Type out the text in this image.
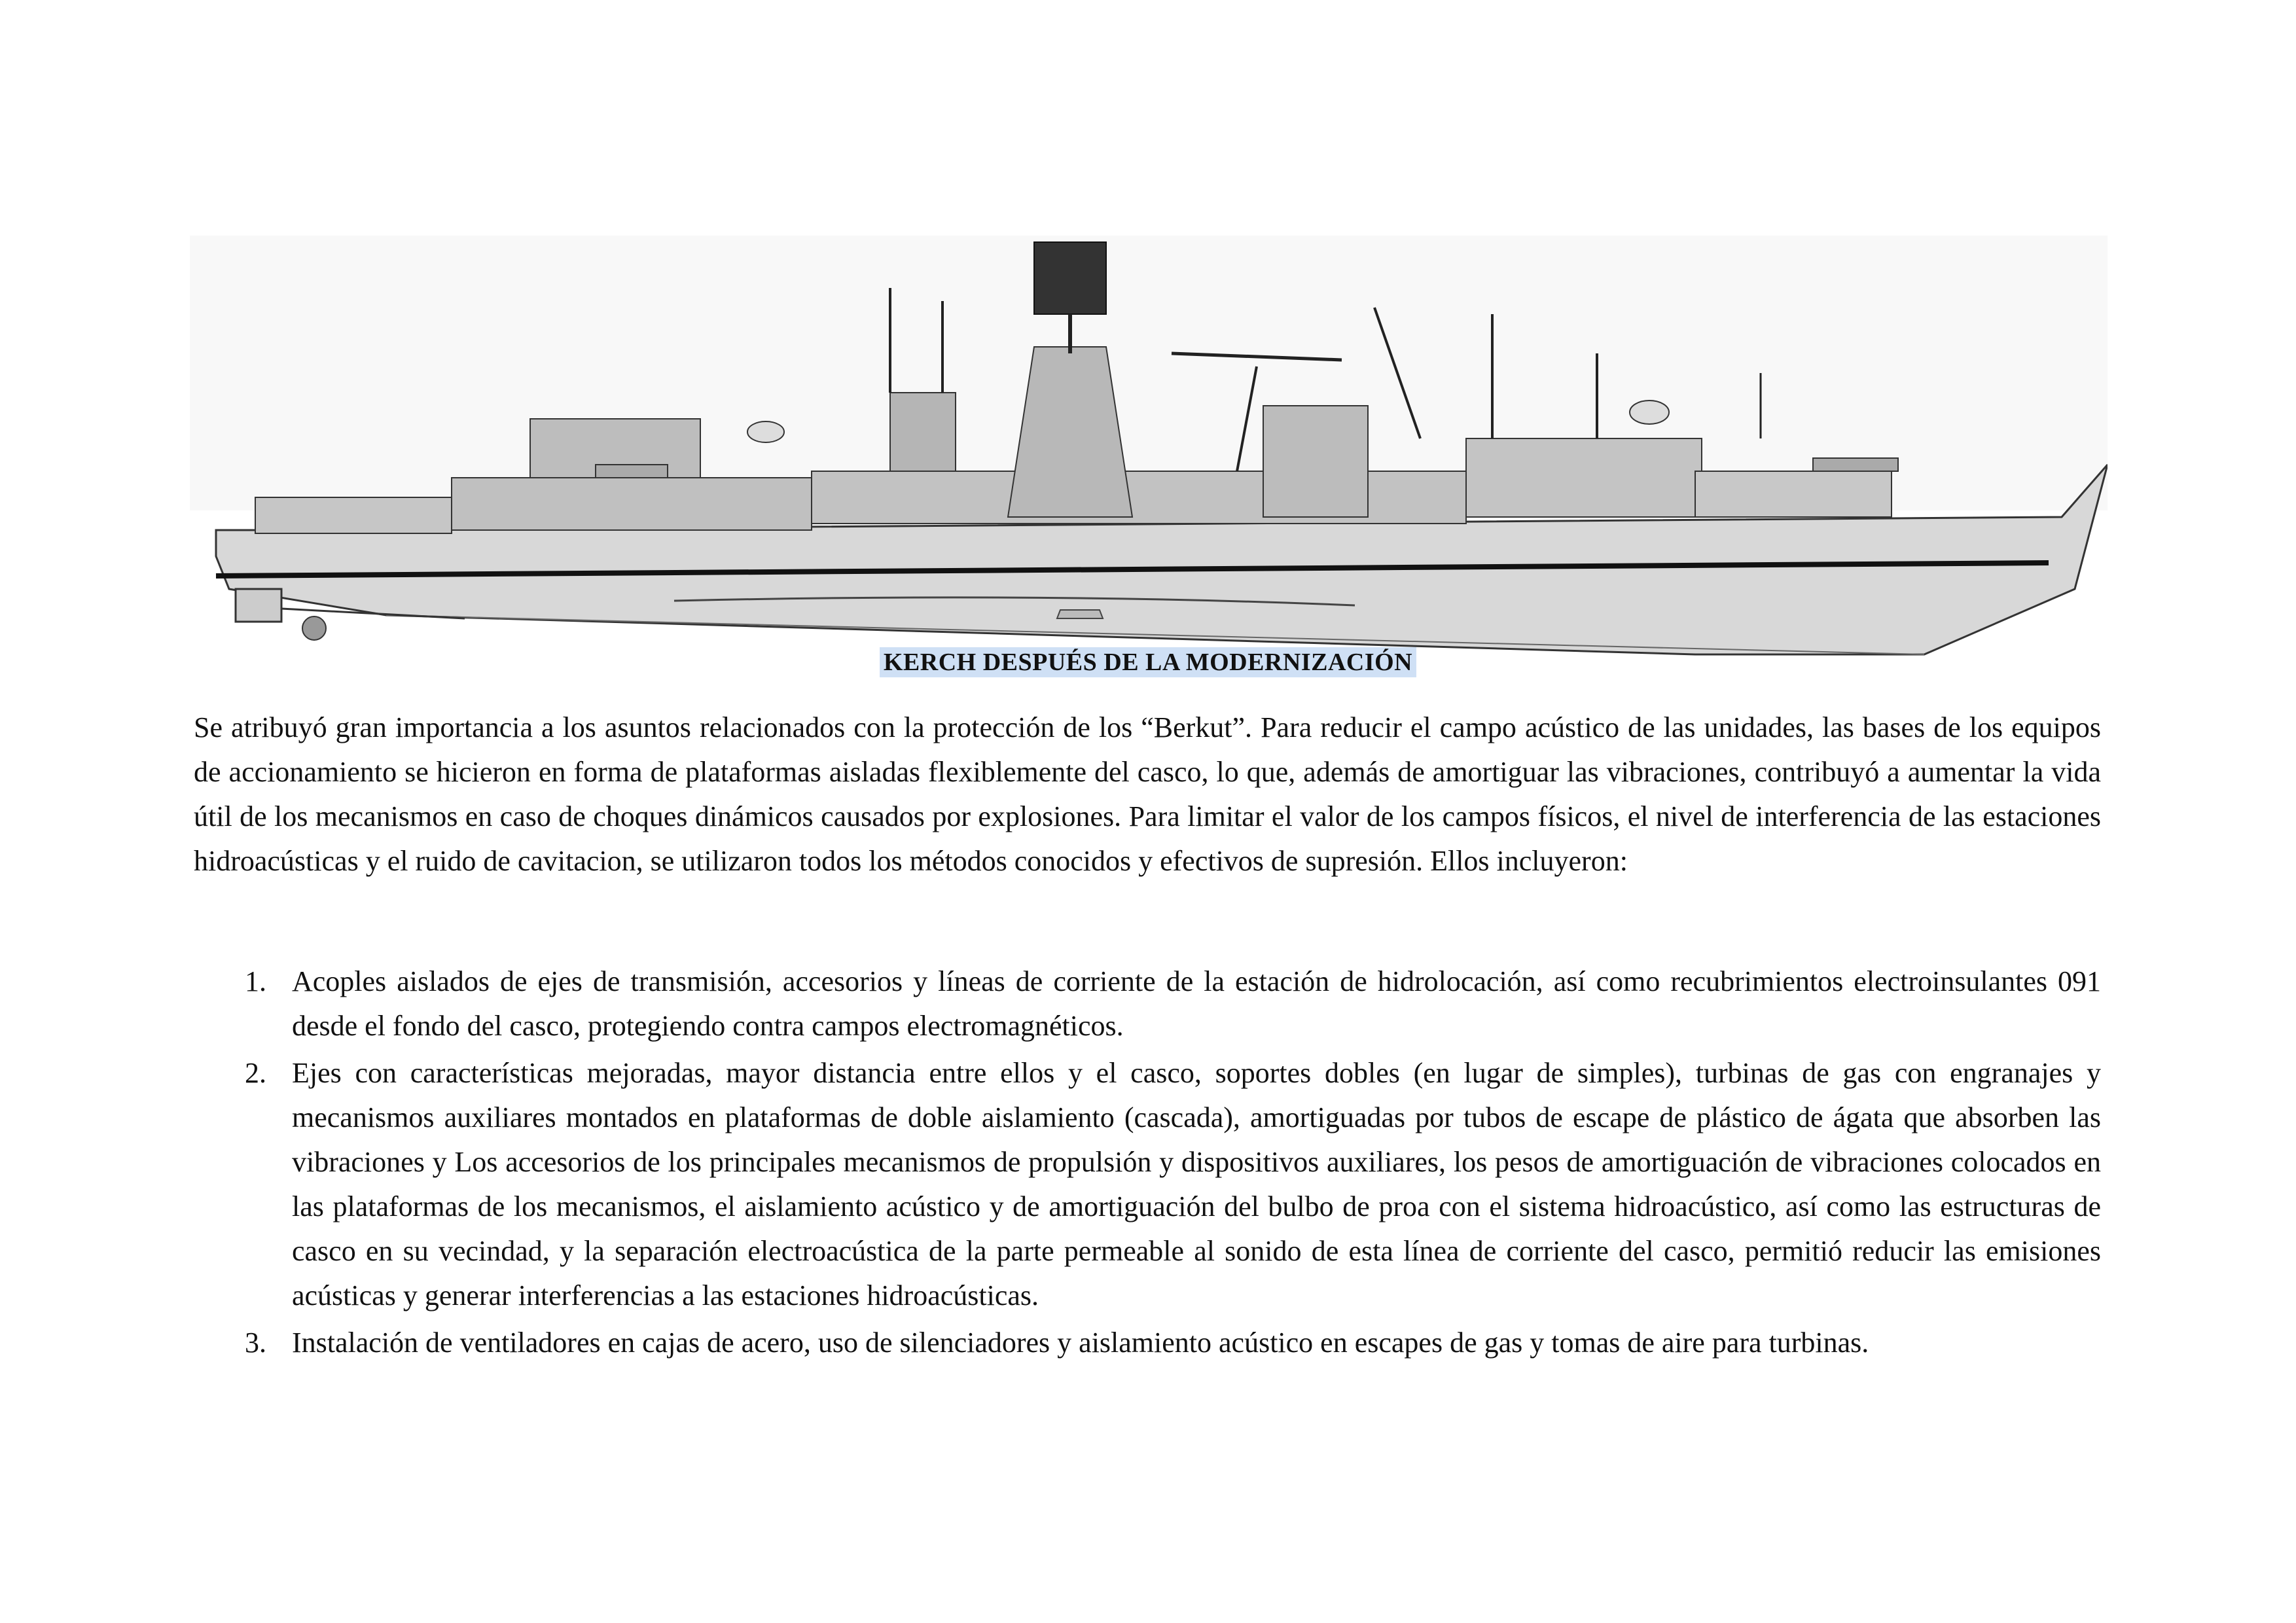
KERCH DESPUÉS DE LA MODERNIZACIÓN

Se atribuyó gran importancia a los asuntos relacionados con la protección de los “Berkut”. Para reducir el campo acústico de las unidades, las bases de los equipos de accionamiento se hicieron en forma de plataformas aisladas flexiblemente del casco, lo que, además de amortiguar las vibraciones, contribuyó a aumentar la vida útil de los mecanismos en caso de choques dinámicos causados por explosiones. Para limitar el valor de los campos físicos, el nivel de interferencia de las estaciones hidroacústicas y el ruido de cavitacion, se utilizaron todos los métodos conocidos y efectivos de supresión. Ellos incluyeron:

1. Acoples aislados de ejes de transmisión, accesorios y líneas de corriente de la estación de hidrolocación, así como recubrimientos electroinsulantes 091 desde el fondo del casco, protegiendo contra campos electromagnéticos.
2. Ejes con características mejoradas, mayor distancia entre ellos y el casco, soportes dobles (en lugar de simples), turbinas de gas con engranajes y mecanismos auxiliares montados en plataformas de doble aislamiento (cascada), amortiguadas por tubos de escape de plástico de ágata que absorben las vibraciones y Los accesorios de los principales mecanismos de propulsión y dispositivos auxiliares, los pesos de amortiguación de vibraciones colocados en las plataformas de los mecanismos, el aislamiento acústico y de amortiguación del bulbo de proa con el sistema hidroacústico, así como las estructuras de casco en su vecindad, y la separación electroacústica de la parte permeable al sonido de esta línea de corriente del casco, permitió reducir las emisiones acústicas y generar interferencias a las estaciones hidroacústicas.
3. Instalación de ventiladores en cajas de acero, uso de silenciadores y aislamiento acústico en escapes de gas y tomas de aire para turbinas.
